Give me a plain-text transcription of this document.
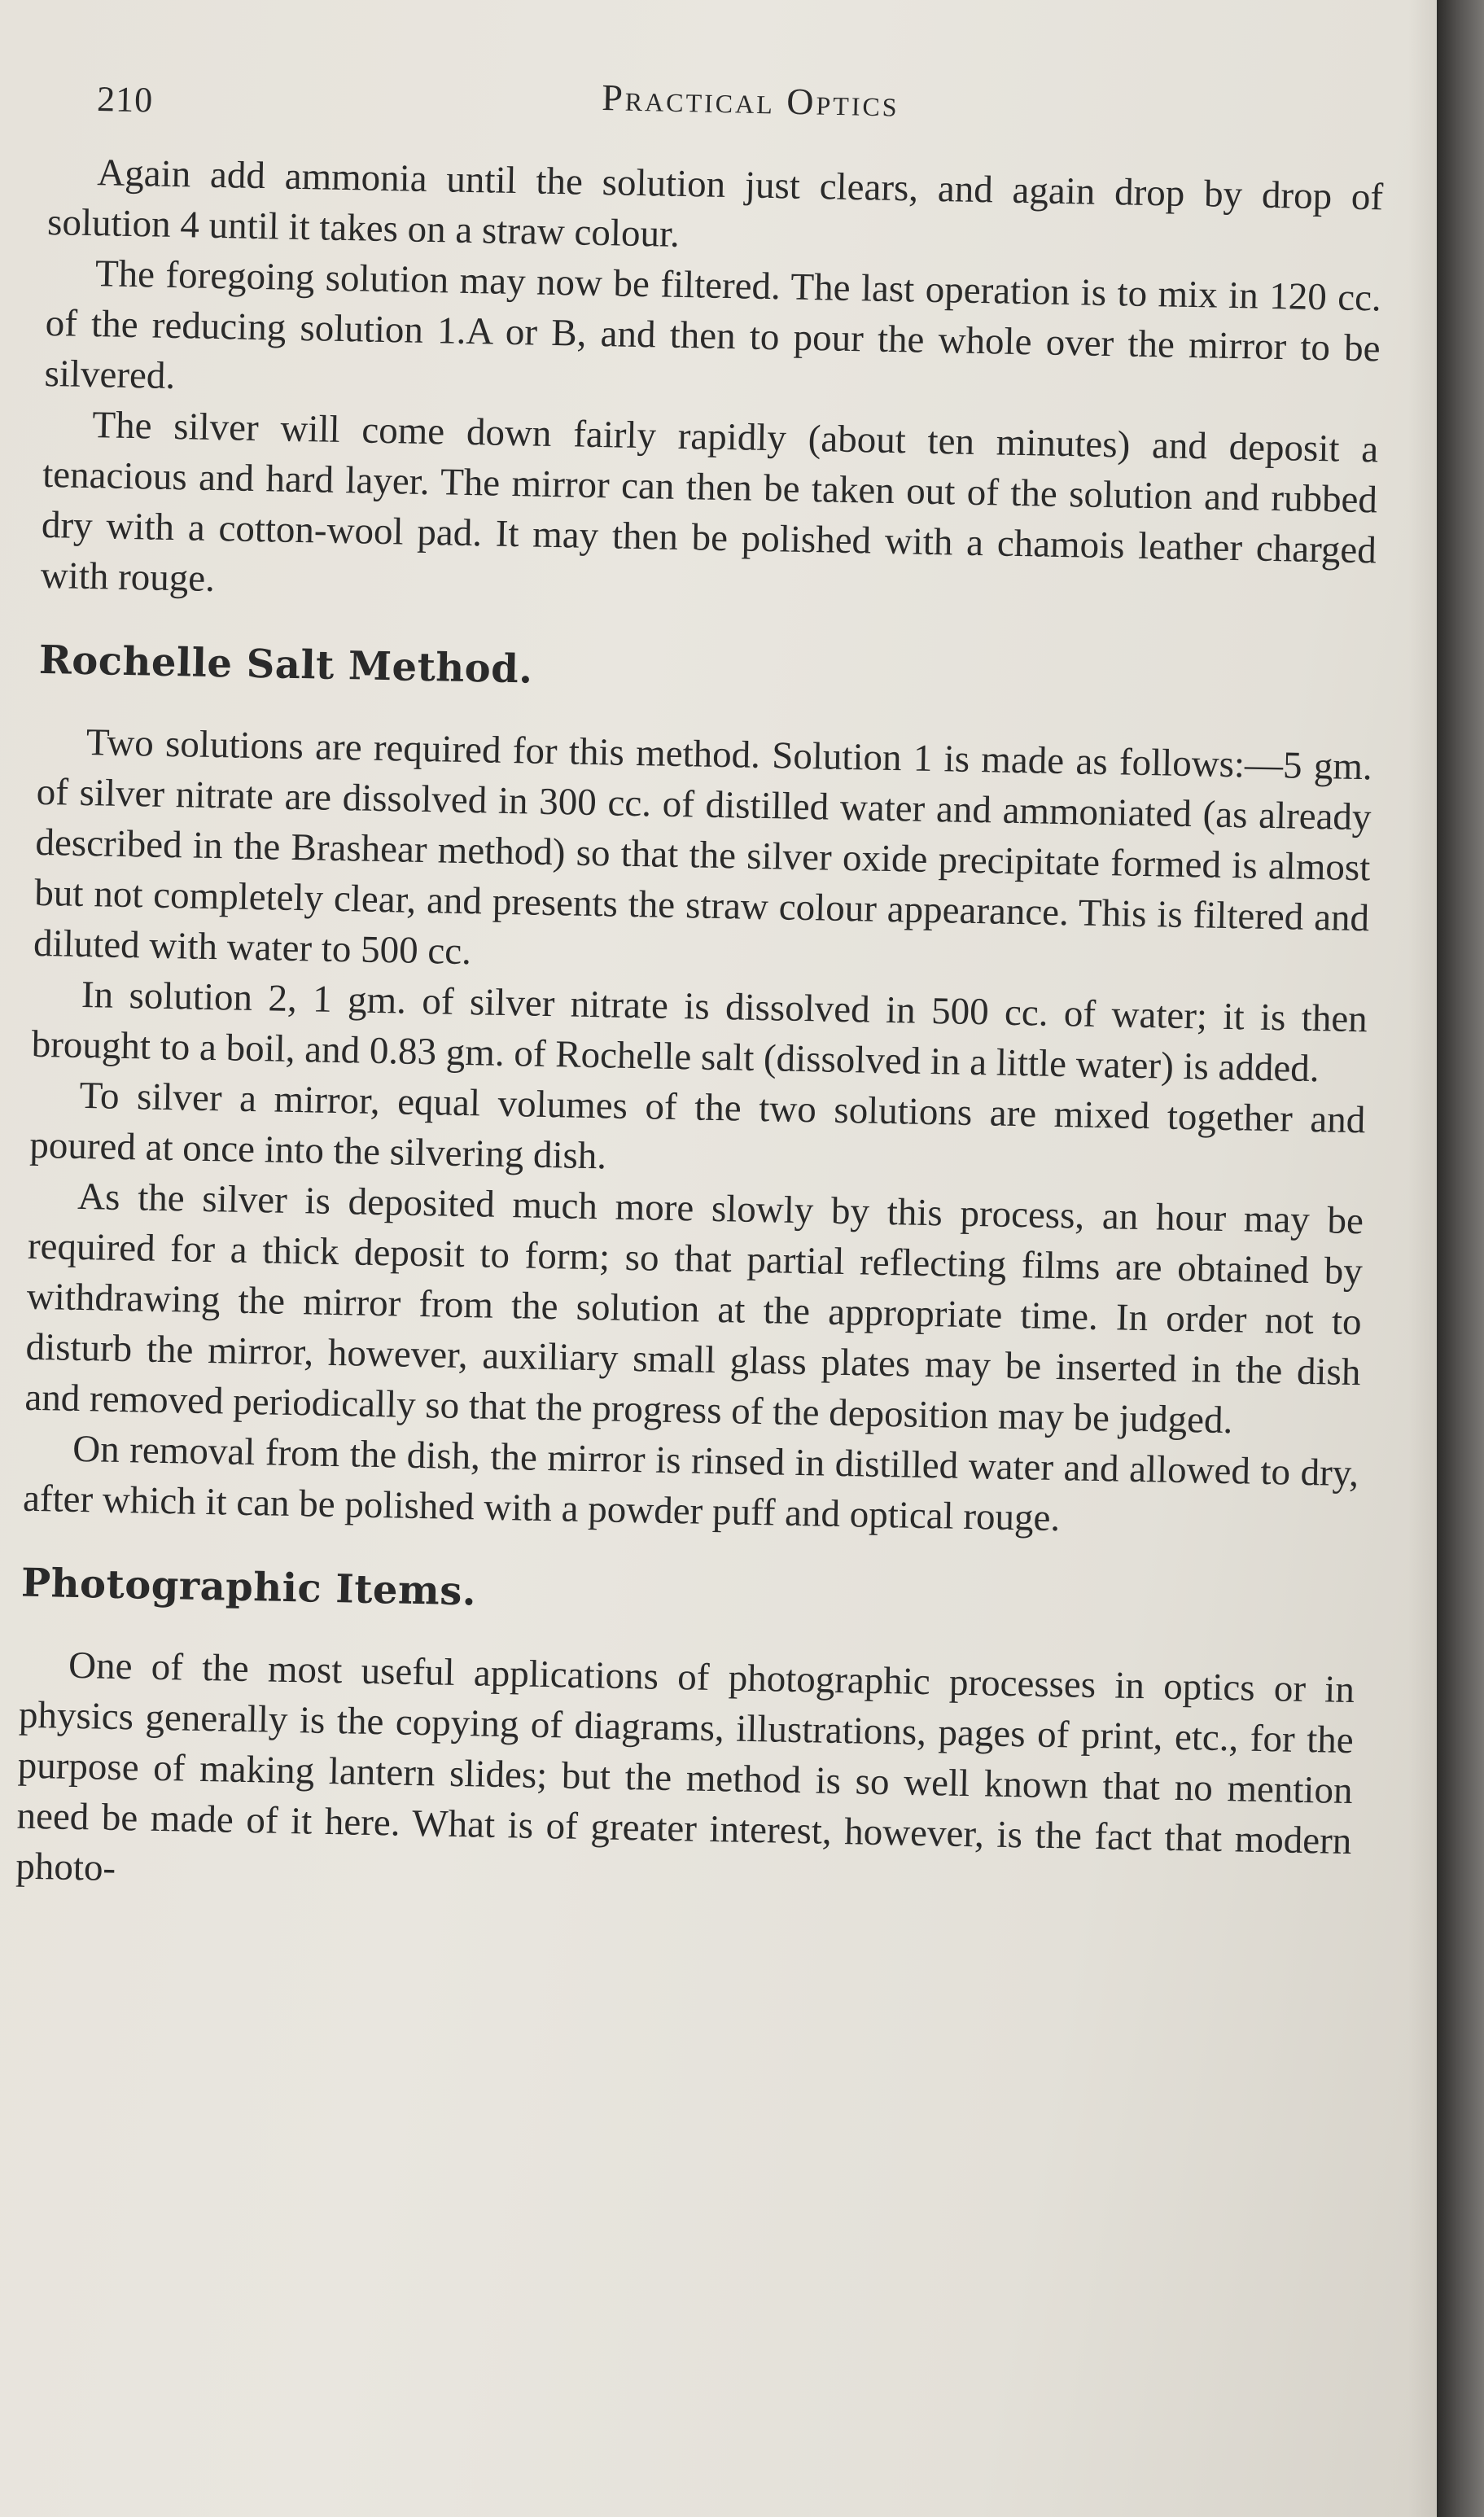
210	Practical Optics

Again add ammonia until the solution just clears, and again drop by drop of solution 4 until it takes on a straw colour.

The foregoing solution may now be filtered. The last operation is to mix in 120 cc. of the reducing solution 1.A or B, and then to pour the whole over the mirror to be silvered.

The silver will come down fairly rapidly (about ten minutes) and deposit a tenacious and hard layer. The mirror can then be taken out of the solution and rubbed dry with a cotton-wool pad. It may then be polished with a chamois leather charged with rouge.

Rochelle Salt Method.

Two solutions are required for this method. Solution 1 is made as follows:—5 gm. of silver nitrate are dissolved in 300 cc. of distilled water and ammoniated (as already described in the Brashear method) so that the silver oxide precipitate formed is almost but not completely clear, and presents the straw colour appearance. This is filtered and diluted with water to 500 cc.

In solution 2, 1 gm. of silver nitrate is dissolved in 500 cc. of water; it is then brought to a boil, and 0.83 gm. of Rochelle salt (dissolved in a little water) is added.

To silver a mirror, equal volumes of the two solutions are mixed together and poured at once into the silvering dish.

As the silver is deposited much more slowly by this process, an hour may be required for a thick deposit to form; so that partial reflecting films are obtained by withdrawing the mirror from the solution at the appropriate time. In order not to disturb the mirror, however, auxiliary small glass plates may be inserted in the dish and removed periodically so that the progress of the deposition may be judged.

On removal from the dish, the mirror is rinsed in distilled water and allowed to dry, after which it can be polished with a powder puff and optical rouge.

Photographic Items.

One of the most useful applications of photographic processes in optics or in physics generally is the copying of diagrams, illustrations, pages of print, etc., for the purpose of making lantern slides; but the method is so well known that no mention need be made of it here. What is of greater interest, however, is the fact that modern photo-
